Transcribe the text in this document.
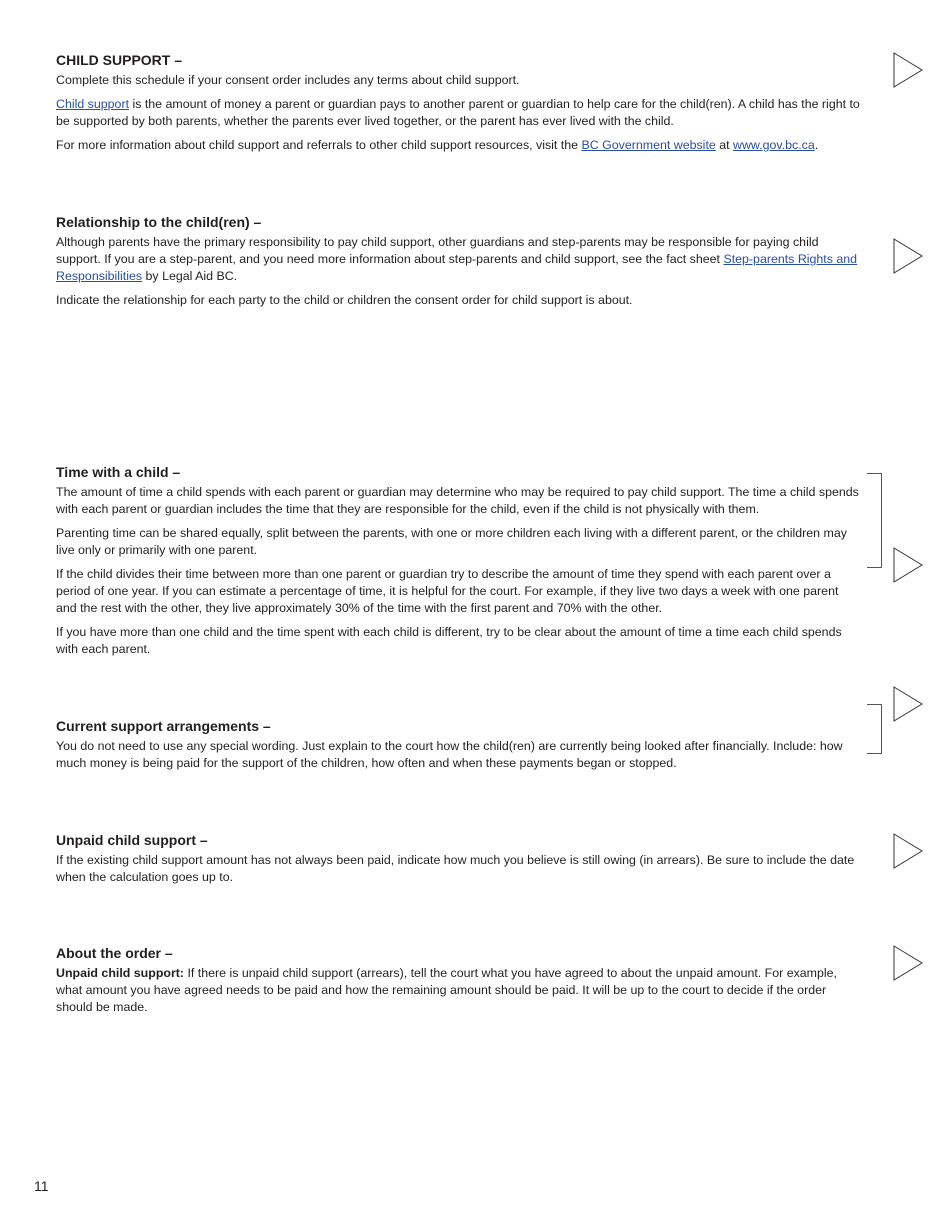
CHILD SUPPORT –

Complete this schedule if your consent order includes any terms about child support.

Child support is the amount of money a parent or guardian pays to another parent or guardian to help care for the child(ren). A child has the right to be supported by both parents, whether the parents ever lived together, or the parent has ever lived with the child.

For more information about child support and referrals to other child support resources, visit the BC Government website at www.gov.bc.ca.

Relationship to the child(ren) –

Although parents have the primary responsibility to pay child support, other guardians and step-parents may be responsible for paying child support. If you are a step-parent, and you need more information about step-parents and child support, see the fact sheet Step-parents Rights and Responsibilities by Legal Aid BC.

Indicate the relationship for each party to the child or children the consent order for child support is about.

Time with a child –

The amount of time a child spends with each parent or guardian may determine who may be required to pay child support. The time a child spends with each parent or guardian includes the time that they are responsible for the child, even if the child is not physically with them.

Parenting time can be shared equally, split between the parents, with one or more children each living with a different parent, or the children may live only or primarily with one parent.

If the child divides their time between more than one parent or guardian try to describe the amount of time they spend with each parent over a period of one year. If you can estimate a percentage of time, it is helpful for the court. For example, if they live two days a week with one parent and the rest with the other, they live approximately 30% of the time with the first parent and 70% with the other.

If you have more than one child and the time spent with each child is different, try to be clear about the amount of time a time each child spends with each parent.

Current support arrangements –

You do not need to use any special wording. Just explain to the court how the child(ren) are currently being looked after financially. Include: how much money is being paid for the support of the children, how often and when these payments began or stopped.

Unpaid child support –

If the existing child support amount has not always been paid, indicate how much you believe is still owing (in arrears). Be sure to include the date when the calculation goes up to.

About the order –

Unpaid child support: If there is unpaid child support (arrears), tell the court what you have agreed to about the unpaid amount. For example, what amount you have agreed needs to be paid and how the remaining amount should be paid. It will be up to the court to decide if the order should be made.

11
